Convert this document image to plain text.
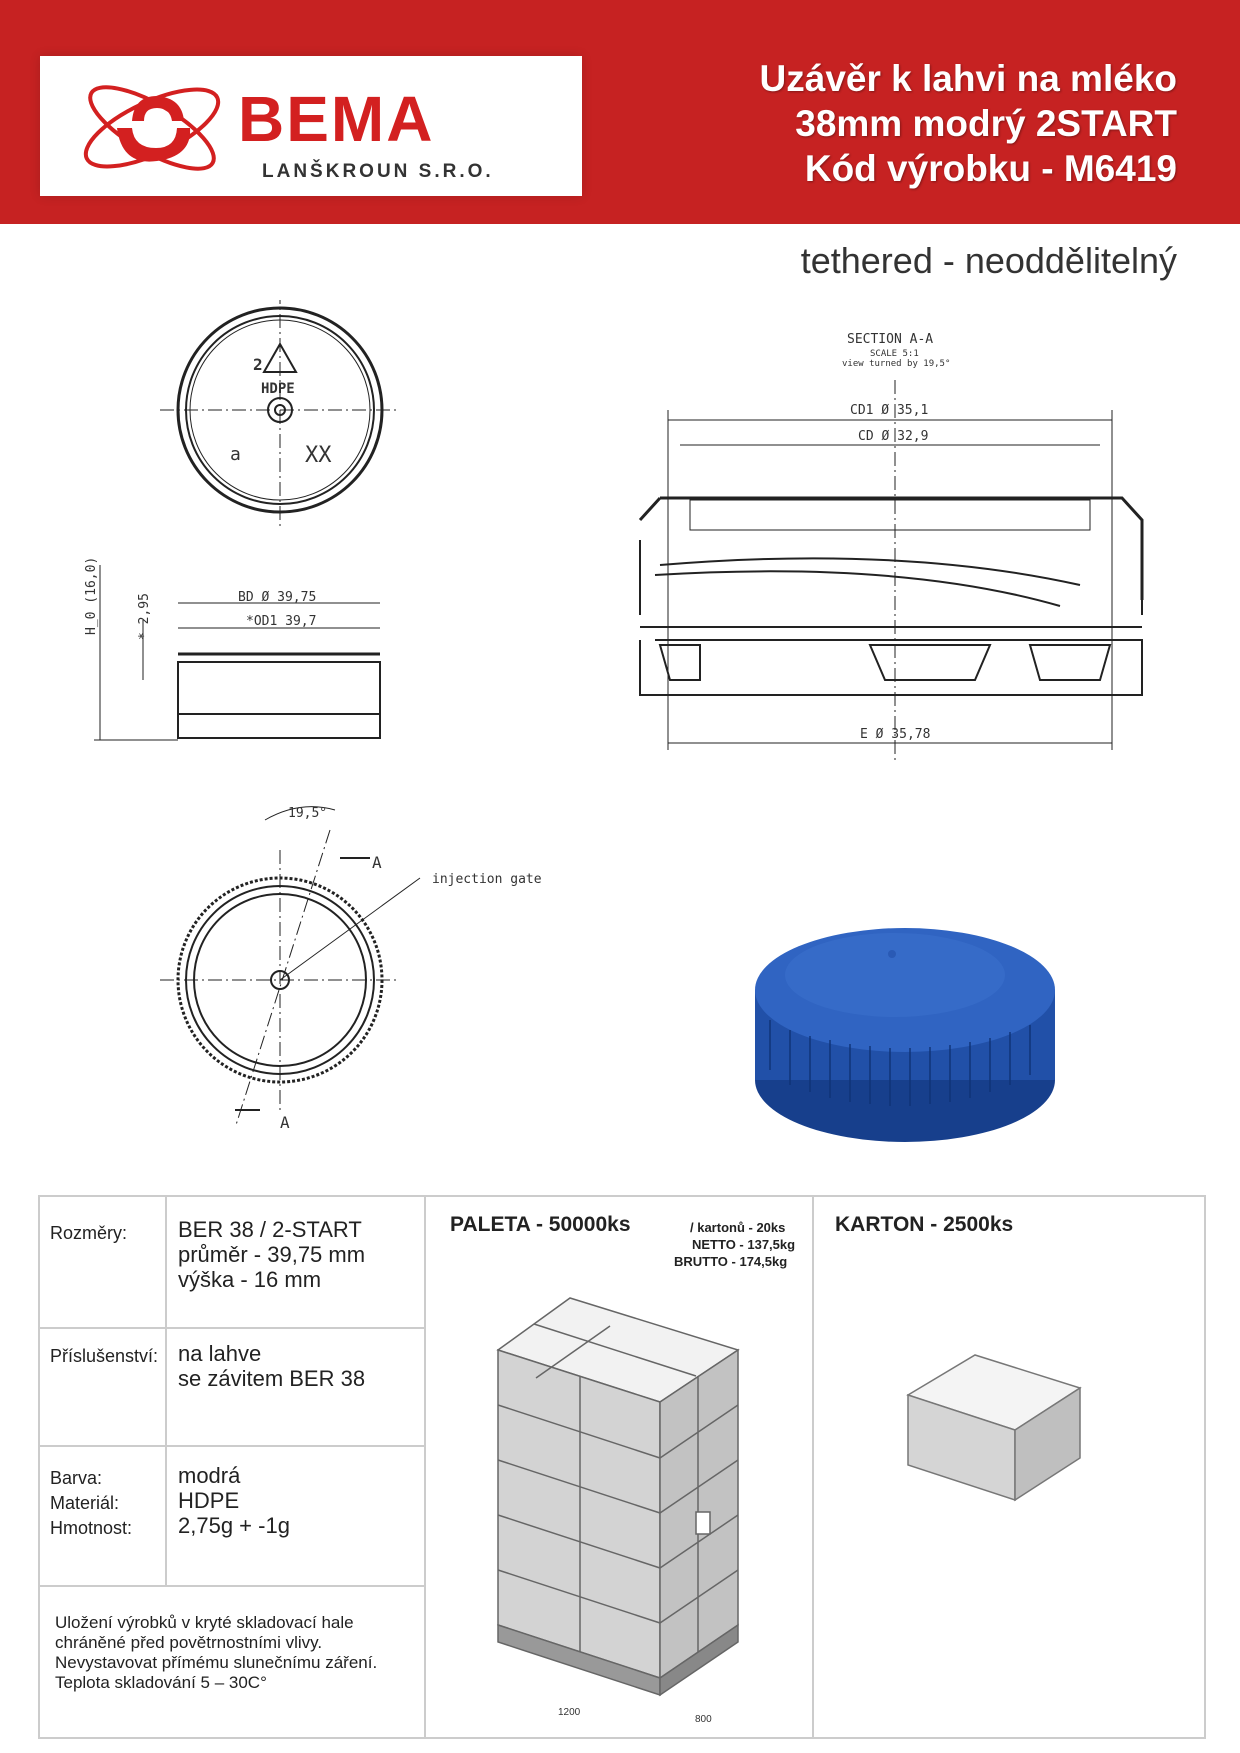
BEMA
LANŠKROUN S.R.O.
Uzávěr k lahvi na mléko
38mm modrý 2START
Kód výrobku - M6419
tethered - neoddělitelný
2
HDPE
XX
a
SECTION A-A
SCALE 5:1
view turned by 19,5°
CD1 Ø 35,1
CD Ø 32,9
E Ø 35,78
BD Ø 39,75
*OD1 39,7
H_0 (16,0)	* 2,95
19,5°
A
A
injection gate
Rozměry: BER 38 / 2-START
průměr - 39,75 mm
výška - 16 mm
Příslušenství: na lahve
se závitem BER 38
Barva:
Materiál:
Hmotnost:
modrá
HDPE
2,75g + -1g
Uložení výrobků v kryté skladovací hale
chráněné před povětrnostními vlivy.
Nevystavovat přímému slunečnímu záření.
Teplota skladování 5 – 30C°
PALETA - 50000ks	/ kartonů - 20ks
NETTO - 137,5kg
BRUTTO - 174,5kg
1200
800
KARTON - 2500ks
